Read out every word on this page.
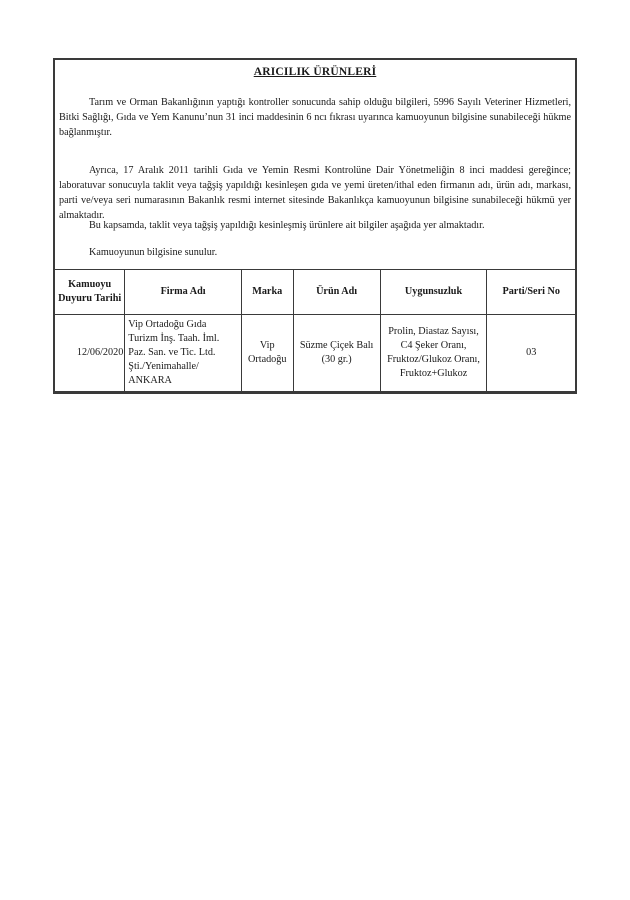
ARICILIK ÜRÜNLERİ
Tarım ve Orman Bakanlığının yaptığı kontroller sonucunda sahip olduğu bilgileri, 5996 Sayılı Veteriner Hizmetleri, Bitki Sağlığı, Gıda ve Yem Kanunu’nun 31 inci maddesinin 6 ncı fıkrası uyarınca kamuoyunun bilgisine sunabileceği hükme bağlanmıştır.
Ayrıca, 17 Aralık 2011 tarihli Gıda ve Yemin Resmi Kontrolüne Dair Yönetmeliğin 8 inci maddesi gereğince; laboratuvar sonucuyla taklit veya tağşiş yapıldığı kesinleşen gıda ve yemi üreten/ithal eden firmanın adı, ürün adı, markası, parti ve/veya seri numarasının Bakanlık resmi internet sitesinde Bakanlıkça kamuoyunun bilgisine sunabileceği hükmü yer almaktadır.
Bu kapsamda, taklit veya tağşiş yapıldığı kesinleşmiş ürünlere ait bilgiler aşağıda yer almaktadır.
Kamuoyunun bilgisine sunulur.
Kamuoyu
Duyuru Tarihi	Firma Adı	Marka	Ürün Adı	Uygunsuzluk	Parti/Seri No
12/06/2020	Vip Ortadoğu Gıda
Turizm İnş. Taah. İml.
Paz. San. ve Tic. Ltd.
Şti./Yenimahalle/
ANKARA	Vip
Ortadoğu	Süzme Çiçek Balı
(30 gr.)	Prolin, Diastaz Sayısı,
C4 Şeker Oranı,
Fruktoz/Glukoz Oranı,
Fruktoz+Glukoz	03
